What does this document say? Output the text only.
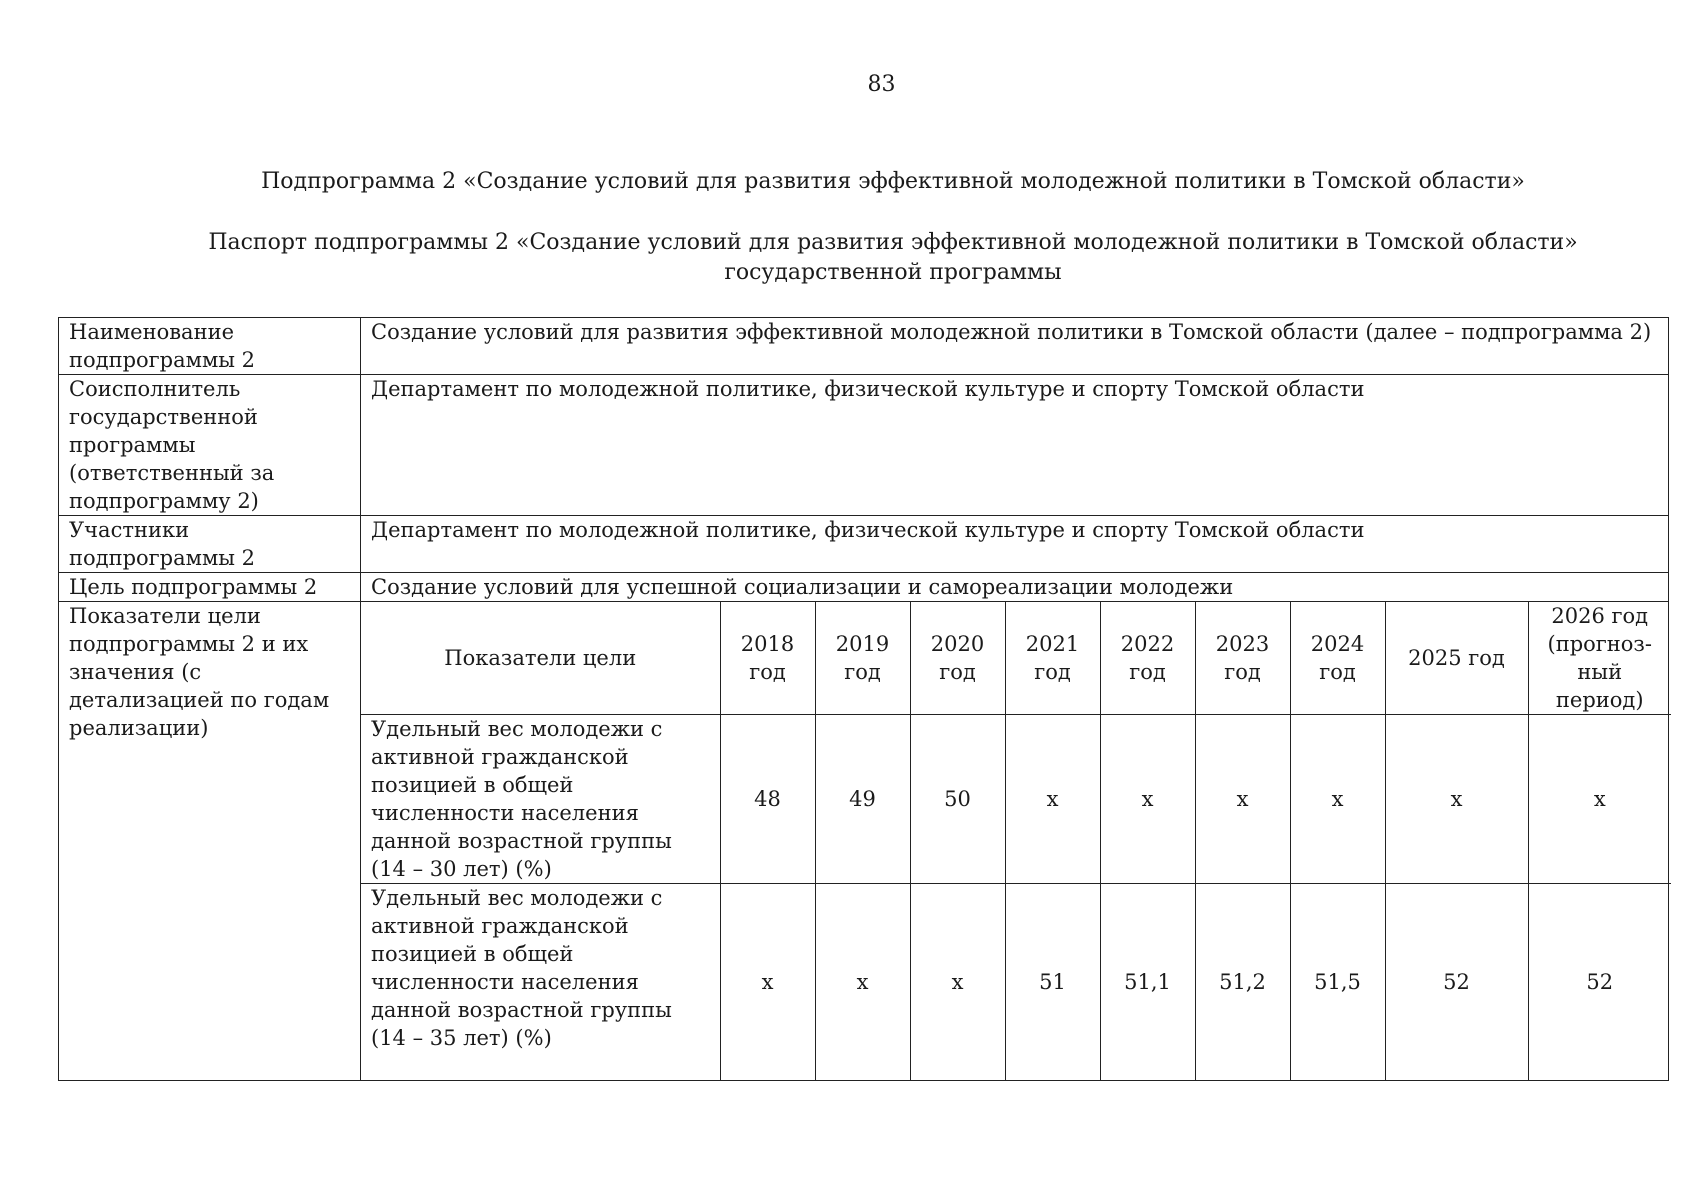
83
Подпрограмма 2 «Создание условий для развития эффективной молодежной политики в Томской области»
Паспорт подпрограммы 2 «Создание условий для развития эффективной молодежной политики в Томской области»
государственной программы
Наименование подпрограммы 2	Создание условий для развития эффективной молодежной политики в Томской области (далее – подпрограмма 2)
Соисполнитель государственной программы (ответственный за подпрограмму 2)	Департамент по молодежной политике, физической культуре и спорту Томской области
Участники подпрограммы 2	Департамент по молодежной политике, физической культуре и спорту Томской области
Цель подпрограммы 2	Создание условий для успешной социализации и самореализации молодежи
Показатели цели подпрограммы 2 и их значения (с детализацией по годам реализации)	
Показатели цели	2018 год	2019 год	2020 год	2021 год	2022 год	2023 год	2024 год	2025 год	2026 год (прогноз-ный период)
Удельный вес молодежи с активной гражданской позицией в общей численности населения данной возрастной группы (14 – 30 лет) (%)	48	49	50	x	x	x	x	x	x
Удельный вес молодежи с активной гражданской позицией в общей численности населения данной возрастной группы (14 – 35 лет) (%)	x	x	x	51	51,1	51,2	51,5	52	52
